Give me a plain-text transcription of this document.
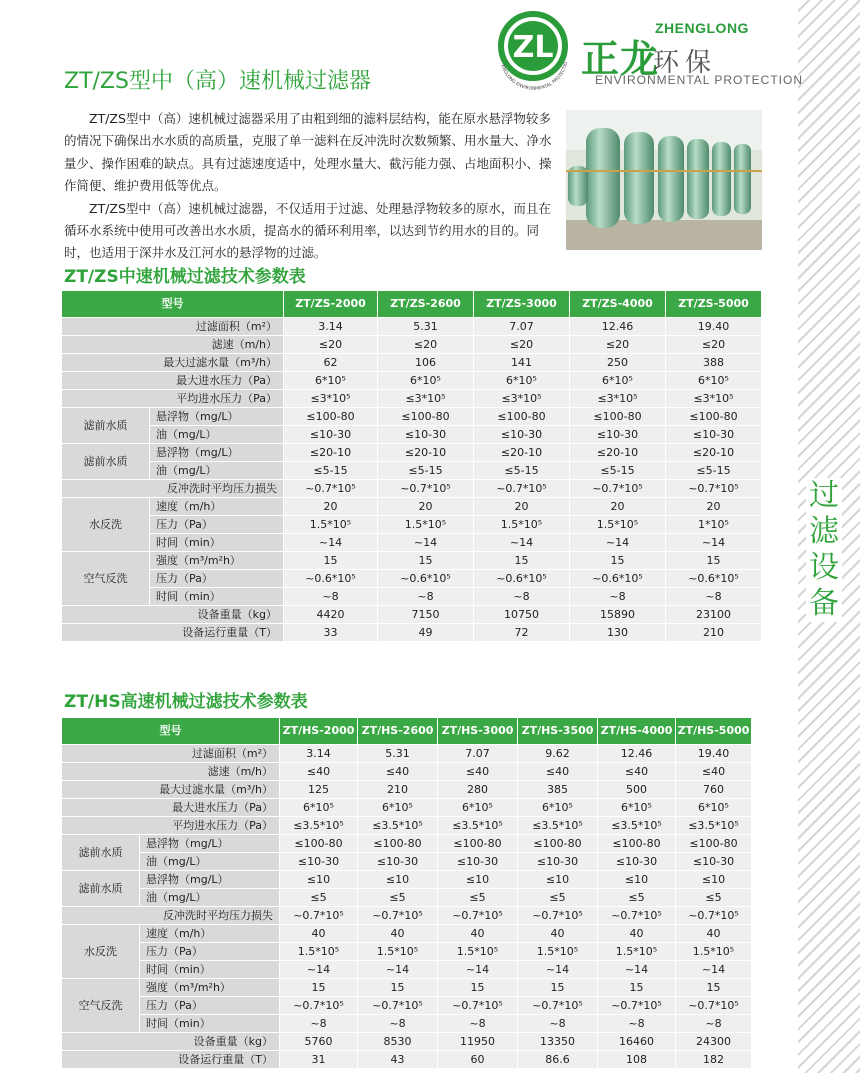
过
滤
设
备
ZL
ENGLONG ENVIRONMENTAL PROTECTIO 正龙
ZHENGLONG
环保
ENVIRONMENTAL PROTECTION
ZT/ZS型中（高）速机械过滤器

ZT/ZS型中（高）速机械过滤器采用了由粗到细的滤料层结构，能在原水悬浮物较多的情况下确保出水水质的高质量，克服了单一滤料在反冲洗时次数频繁、用水量大、净水量少、操作困难的缺点。具有过滤速度适中，处理水量大、截污能力强、占地面积小、操作简便、维护费用低等优点。

ZT/ZS型中（高）速机械过滤器，不仅适用于过滤、处理悬浮物较多的原水，而且在循环水系统中使用可改善出水水质，提高水的循环利用率，以达到节约用水的目的。同时，也适用于深井水及江河水的悬浮物的过滤。

ZT/ZS中速机械过滤技术参数表
型号		ZT/ZS-2000	ZT/ZS-2600	ZT/ZS-3000	ZT/ZS-4000	ZT/ZS-5000
过滤面积（m²）		3.14	5.31	7.07	12.46	19.40
滤速（m/h）		≤20	≤20	≤20	≤20	≤20
最大过滤水量（m³/h）		62	106	141	250	388
最大进水压力（Pa）		6*10⁵	6*10⁵	6*10⁵	6*10⁵	6*10⁵
平均进水压力（Pa）		≤3*10⁵	≤3*10⁵	≤3*10⁵	≤3*10⁵	≤3*10⁵
滤前水质	悬浮物（mg/L）	≤100-80	≤100-80	≤100-80	≤100-80	≤100-80
	油（mg/L）	≤10-30	≤10-30	≤10-30	≤10-30	≤10-30
滤前水质	悬浮物（mg/L）	≤20-10	≤20-10	≤20-10	≤20-10	≤20-10
	油（mg/L）	≤5-15	≤5-15	≤5-15	≤5-15	≤5-15
反冲洗时平均压力损失		~0.7*10⁵	~0.7*10⁵	~0.7*10⁵	~0.7*10⁵	~0.7*10⁵
水反洗	速度（m/h）	20	20	20	20	20
	压力（Pa）	1.5*10⁵	1.5*10⁵	1.5*10⁵	1.5*10⁵	1*10⁵
	时间（min）	~14	~14	~14	~14	~14
空气反洗	强度（m³/m²h）	15	15	15	15	15
	压力（Pa）	~0.6*10⁵	~0.6*10⁵	~0.6*10⁵	~0.6*10⁵	~0.6*10⁵
	时间（min）	~8	~8	~8	~8	~8
设备重量（kg）		4420	7150	10750	15890	23100
设备运行重量（T）		33	49	72	130	210
ZT/HS高速机械过滤技术参数表
型号		ZT/HS-2000	ZT/HS-2600	ZT/HS-3000	ZT/HS-3500	ZT/HS-4000	ZT/HS-5000
过滤面积（m²）		3.14	5.31	7.07	9.62	12.46	19.40
滤速（m/h）		≤40	≤40	≤40	≤40	≤40	≤40
最大过滤水量（m³/h）		125	210	280	385	500	760
最大进水压力（Pa）		6*10⁵	6*10⁵	6*10⁵	6*10⁵	6*10⁵	6*10⁵
平均进水压力（Pa）		≤3.5*10⁵	≤3.5*10⁵	≤3.5*10⁵	≤3.5*10⁵	≤3.5*10⁵	≤3.5*10⁵
滤前水质	悬浮物（mg/L）	≤100-80	≤100-80	≤100-80	≤100-80	≤100-80	≤100-80
	油（mg/L）	≤10-30	≤10-30	≤10-30	≤10-30	≤10-30	≤10-30
滤前水质	悬浮物（mg/L）	≤10	≤10	≤10	≤10	≤10	≤10
	油（mg/L）	≤5	≤5	≤5	≤5	≤5	≤5
反冲洗时平均压力损失		~0.7*10⁵	~0.7*10⁵	~0.7*10⁵	~0.7*10⁵	~0.7*10⁵	~0.7*10⁵
水反洗	速度（m/h）	40	40	40	40	40	40
	压力（Pa）	1.5*10⁵	1.5*10⁵	1.5*10⁵	1.5*10⁵	1.5*10⁵	1.5*10⁵
	时间（min）	~14	~14	~14	~14	~14	~14
空气反洗	强度（m³/m²h）	15	15	15	15	15	15
	压力（Pa）	~0.7*10⁵	~0.7*10⁵	~0.7*10⁵	~0.7*10⁵	~0.7*10⁵	~0.7*10⁵
	时间（min）	~8	~8	~8	~8	~8	~8
设备重量（kg）		5760	8530	11950	13350	16460	24300
设备运行重量（T）		31	43	60	86.6	108	182
